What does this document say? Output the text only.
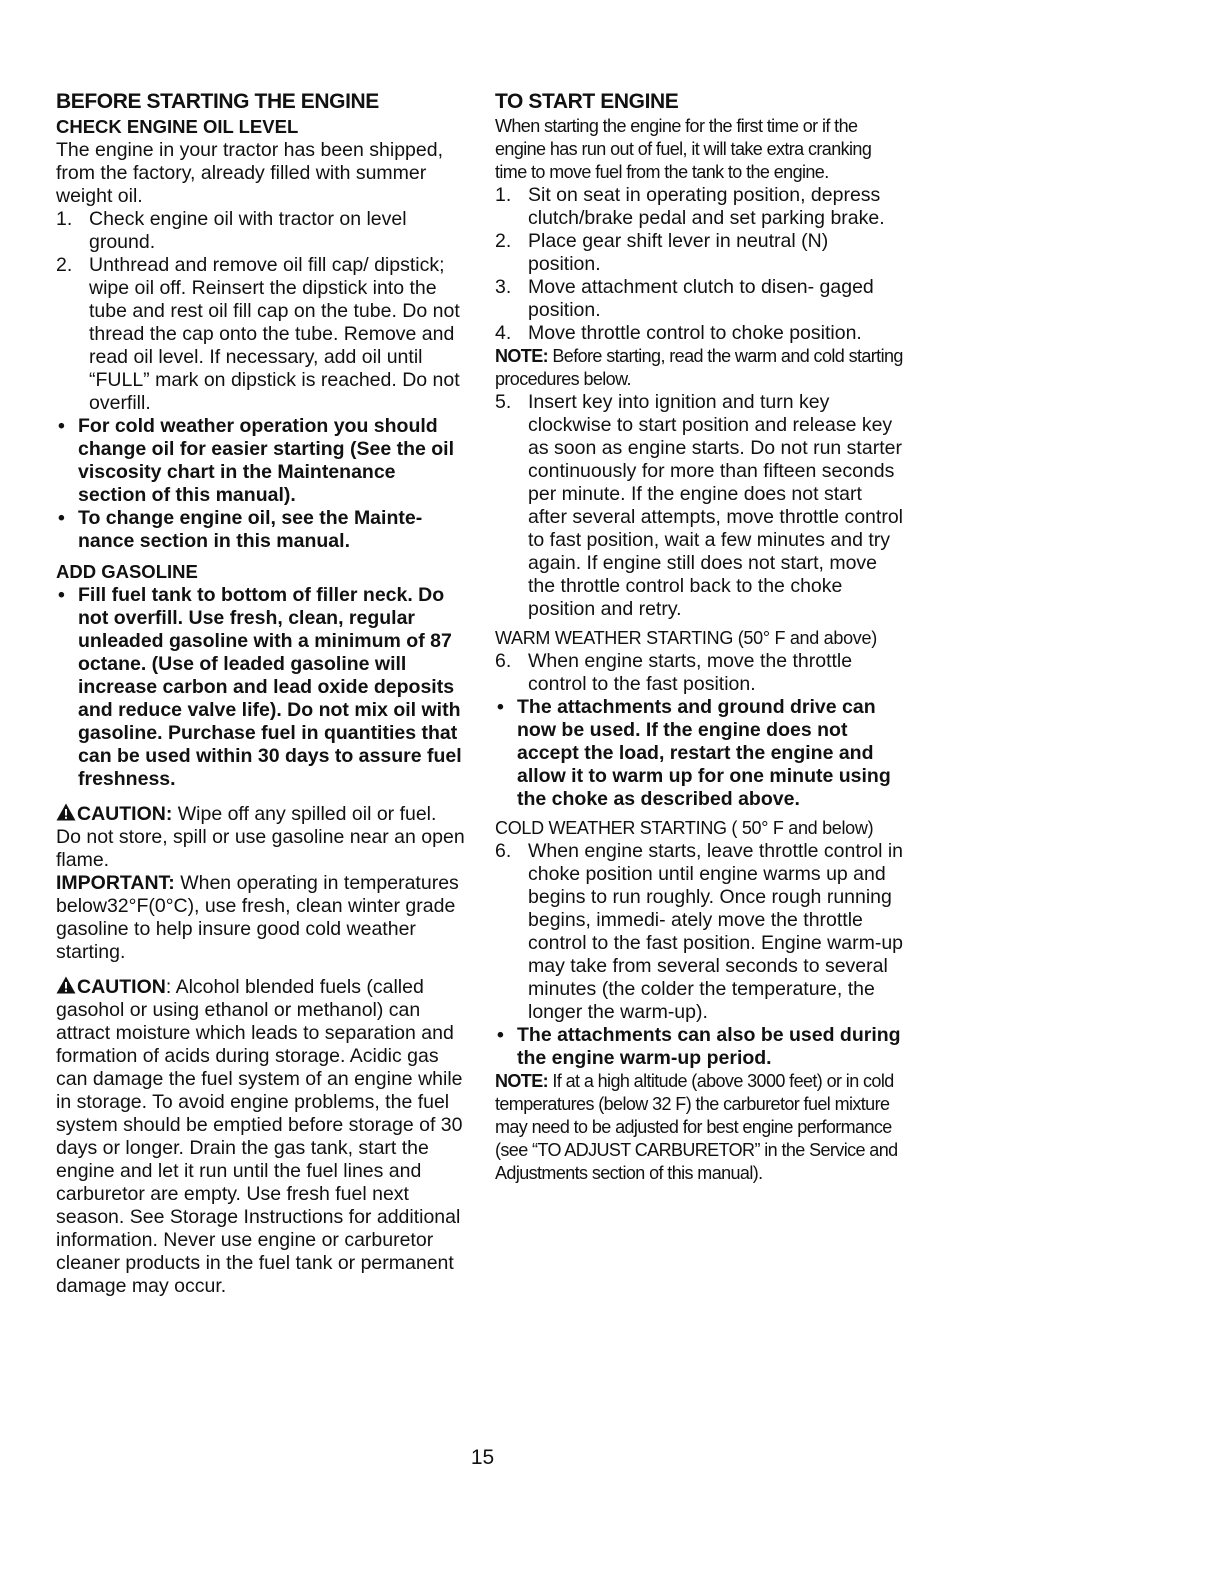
BEFORE STARTING THE ENGINE
CHECK ENGINE OIL LEVEL

The engine in your tractor has been shipped, from the factory, already filled with summer weight oil.

1. Check engine oil with tractor on level ground.
2. Unthread and remove oil fill cap/ dipstick; wipe oil off. Reinsert the dipstick into the tube and rest oil fill cap on the tube. Do not thread the cap onto the tube. Remove and read oil level. If necessary, add oil until “FULL” mark on dipstick is reached. Do not overfill.
• For cold weather operation you should change oil for easier starting (See the oil viscosity chart in the Maintenance section of this manual).
• To change engine oil, see the Mainte- nance section in this manual.
ADD GASOLINE
• Fill fuel tank to bottom of filler neck. Do not overfill. Use fresh, clean, regular unleaded gasoline with a minimum of 87 octane. (Use of leaded gasoline will increase carbon and lead oxide deposits and reduce valve life). Do not mix oil with gasoline. Purchase fuel in quantities that can be used within 30 days to assure fuel freshness.

CAUTION: Wipe off any spilled oil or fuel. Do not store, spill or use gasoline near an open flame.

IMPORTANT: When operating in temperatures below32°F(0°C), use fresh, clean winter grade gasoline to help insure good cold weather starting.

CAUTION: Alcohol blended fuels (called gasohol or using ethanol or methanol) can attract moisture which leads to separation and formation of acids during storage. Acidic gas can damage the fuel system of an engine while in storage. To avoid engine problems, the fuel system should be emptied before storage of 30 days or longer. Drain the gas tank, start the engine and let it run until the fuel lines and carburetor are empty. Use fresh fuel next season. See Storage Instructions for additional information. Never use engine or carburetor cleaner products in the fuel tank or permanent damage may occur.

TO START ENGINE

When starting the engine for the first time or if the engine has run out of fuel, it will take extra cranking time to move fuel from the tank to the engine.

1. Sit on seat in operating position, depress clutch/brake pedal and set parking brake.
2. Place gear shift lever in neutral (N) position.
3. Move attachment clutch to disen- gaged position.
4. Move throttle control to choke position.

NOTE: Before starting, read the warm and cold starting procedures below.

5. Insert key into ignition and turn key clockwise to start position and release key as soon as engine starts. Do not run starter continuously for more than fifteen seconds per minute. If the engine does not start after several attempts, move throttle control to fast position, wait a few minutes and try again. If engine still does not start, move the throttle control back to the choke position and retry.

WARM WEATHER STARTING (50° F and above)

6. When engine starts, move the throttle control to the fast position.
• The attachments and ground drive can now be used. If the engine does not accept the load, restart the engine and allow it to warm up for one minute using the choke as described above.

COLD WEATHER STARTING ( 50° F and below)

6. When engine starts, leave throttle control in choke position until engine warms up and begins to run roughly. Once rough running begins, immedi- ately move the throttle control to the fast position. Engine warm-up may take from several seconds to several minutes (the colder the temperature, the longer the warm-up).
• The attachments can also be used during the engine warm-up period.

NOTE: If at a high altitude (above 3000 feet) or in cold temperatures (below 32 F) the carburetor fuel mixture may need to be adjusted for best engine performance (see “TO ADJUST CARBURETOR” in the Service and Adjustments section of this manual).

15
